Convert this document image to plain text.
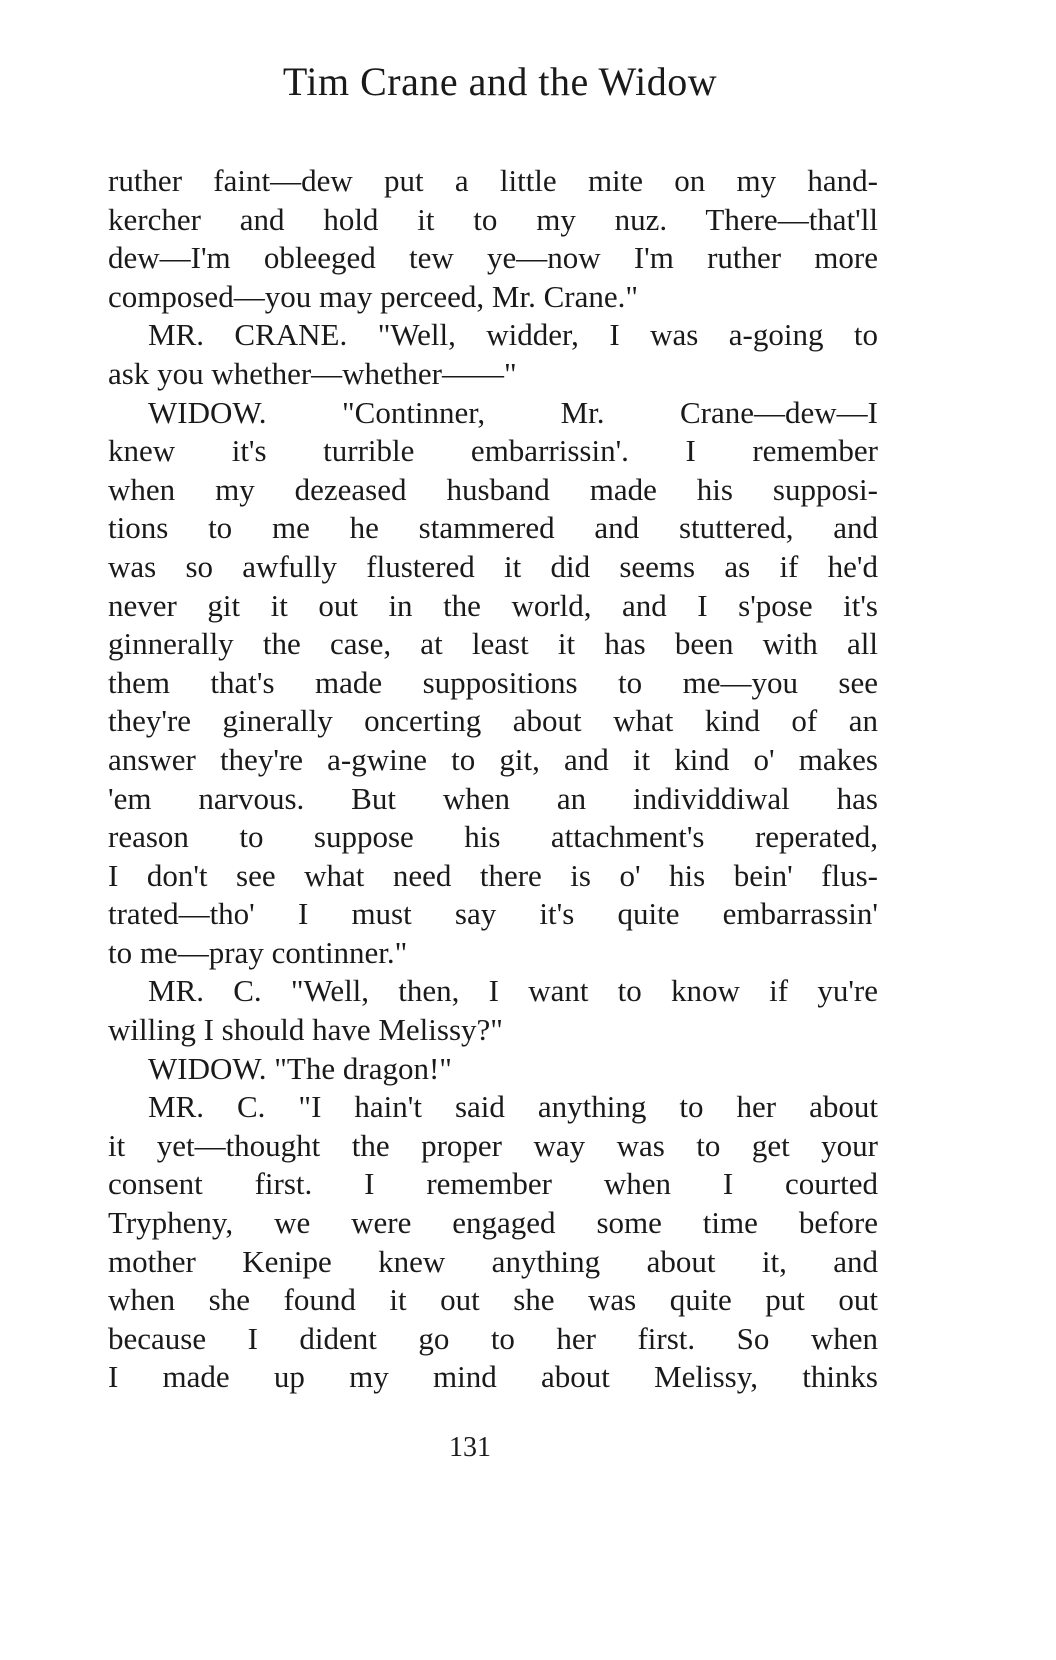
Tim Crane and the Widow
ruther faint—dew put a little mite on my hand-
kercher and hold it to my nuz. There—that'll
dew—I'm obleeged tew ye—now I'm ruther more
composed—you may perceed, Mr. Crane."
MR. CRANE. "Well, widder, I was a-going to
ask you whether—whether——"
WIDOW. "Continner, Mr. Crane—dew—I
knew it's turrible embarrissin'. I remember
when my dezeased husband made his supposi-
tions to me he stammered and stuttered, and
was so awfully flustered it did seems as if he'd
never git it out in the world, and I s'pose it's
ginnerally the case, at least it has been with all
them that's made suppositions to me—you see
they're ginerally oncerting about what kind of an
answer they're a-gwine to git, and it kind o' makes
'em narvous. But when an individdiwal has
reason to suppose his attachment's reperated,
I don't see what need there is o' his bein' flus-
trated—tho' I must say it's quite embarrassin'
to me—pray continner."
MR. C. "Well, then, I want to know if yu're
willing I should have Melissy?"
WIDOW. "The dragon!"
MR. C. "I hain't said anything to her about
it yet—thought the proper way was to get your
consent first. I remember when I courted
Trypheny, we were engaged some time before
mother Kenipe knew anything about it, and
when she found it out she was quite put out
because I dident go to her first. So when
I made up my mind about Melissy, thinks
131
